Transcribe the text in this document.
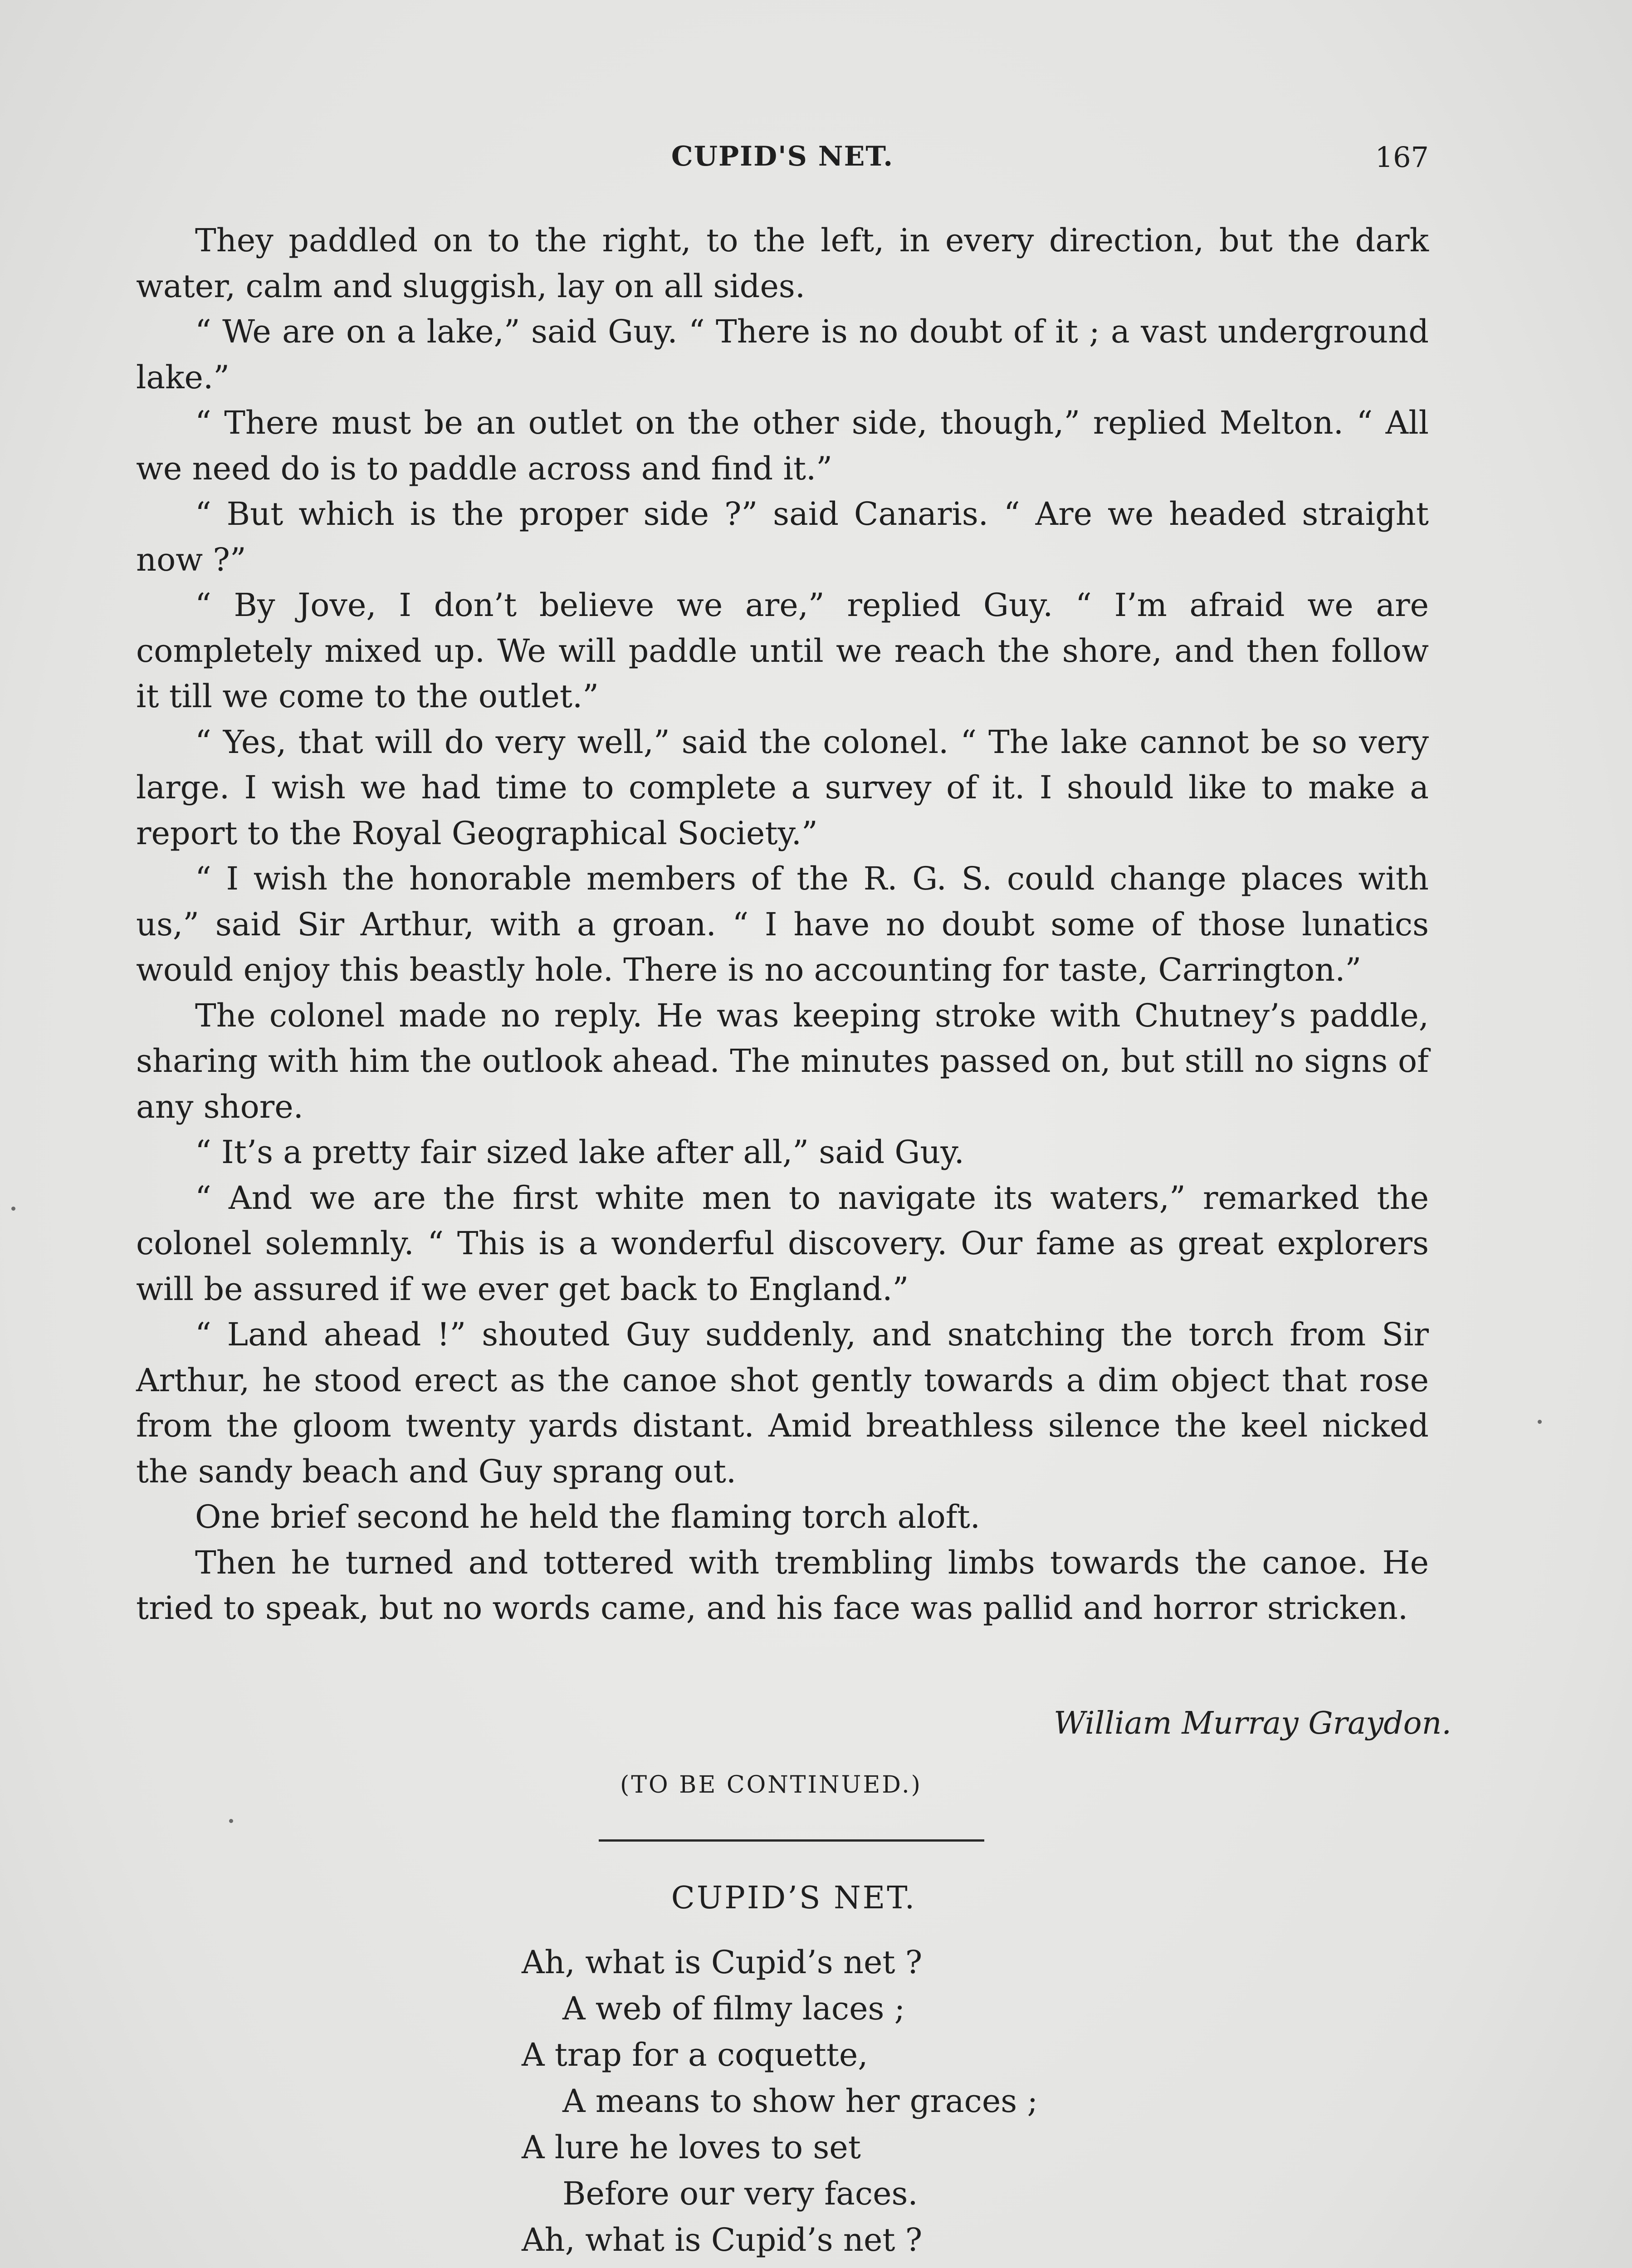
CUPID'S NET.	167

They paddled on to the right, to the left, in every direction, but the dark water, calm and sluggish, lay on all sides.

“ We are on a lake,” said Guy. “ There is no doubt of it ; a vast underground lake.”

“ There must be an outlet on the other side, though,” replied Melton. “ All we need do is to paddle across and find it.”

“ But which is the proper side ?” said Canaris. “ Are we headed straight now ?”

“ By Jove, I don’t believe we are,” replied Guy. “ I’m afraid we are completely mixed up. We will paddle until we reach the shore, and then follow it till we come to the outlet.”

“ Yes, that will do very well,” said the colonel. “ The lake cannot be so very large. I wish we had time to complete a survey of it. I should like to make a report to the Royal Geographical Society.”

“ I wish the honorable members of the R. G. S. could change places with us,” said Sir Arthur, with a groan. “ I have no doubt some of those lunatics would enjoy this beastly hole. There is no accounting for taste, Carrington.”

The colonel made no reply. He was keeping stroke with Chutney’s paddle, sharing with him the outlook ahead. The minutes passed on, but still no signs of any shore.

“ It’s a pretty fair sized lake after all,” said Guy.

“ And we are the first white men to navigate its waters,” remarked the colonel solemnly. “ This is a wonderful discovery. Our fame as great explorers will be assured if we ever get back to England.”

“ Land ahead !” shouted Guy suddenly, and snatching the torch from Sir Arthur, he stood erect as the canoe shot gently towards a dim object that rose from the gloom twenty yards distant. Amid breathless silence the keel nicked the sandy beach and Guy sprang out.

One brief second he held the flaming torch aloft.

Then he turned and tottered with trembling limbs towards the canoe. He tried to speak, but no words came, and his face was pallid and horror stricken.

William Murray Graydon.
(TO BE CONTINUED.)
CUPID’S NET.
Ah, what is Cupid’s net ?
A web of filmy laces ;
A trap for a coquette,
A means to show her graces ;
A lure he loves to set
Before our very faces.
Ah, what is Cupid’s net ?
